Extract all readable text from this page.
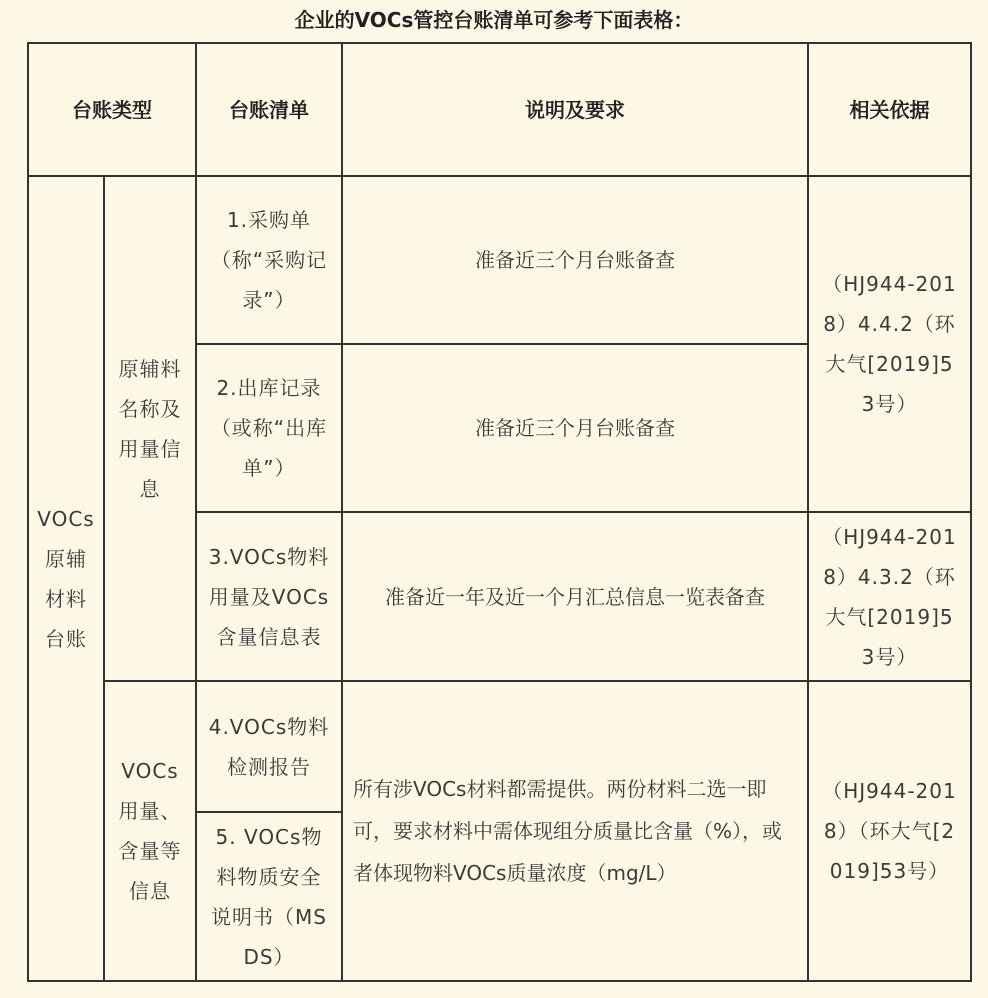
企业的VOCs管控台账清单可参考下面表格：
台账类型		台账清单	说明及要求	相关依据

VOCs原辅材料台账	原辅料名称及用量信息	1.采购单（称“采购记录”）	准备近三个月台账备查	（HJ944-2018）4.4.2（环大气[2019]53号）

		2.出库记录（或称“出库单”）	准备近三个月台账备查	

		3.VOCs物料用量及VOCs含量信息表	准备近一年及近一个月汇总信息一览表备查	（HJ944-2018）4.3.2（环大气[2019]53号）

	VOCs用量、含量等信息	4.VOCs物料检测报告	所有涉VOCs材料都需提供。两份材料二选一即可，要求材料中需体现组分质量比含量（%），或者体现物料VOCs质量浓度（mg/L）	（HJ944-2018）（环大气[2019]53号）

		5. VOCs物料物质安全说明书（MSDS）		
